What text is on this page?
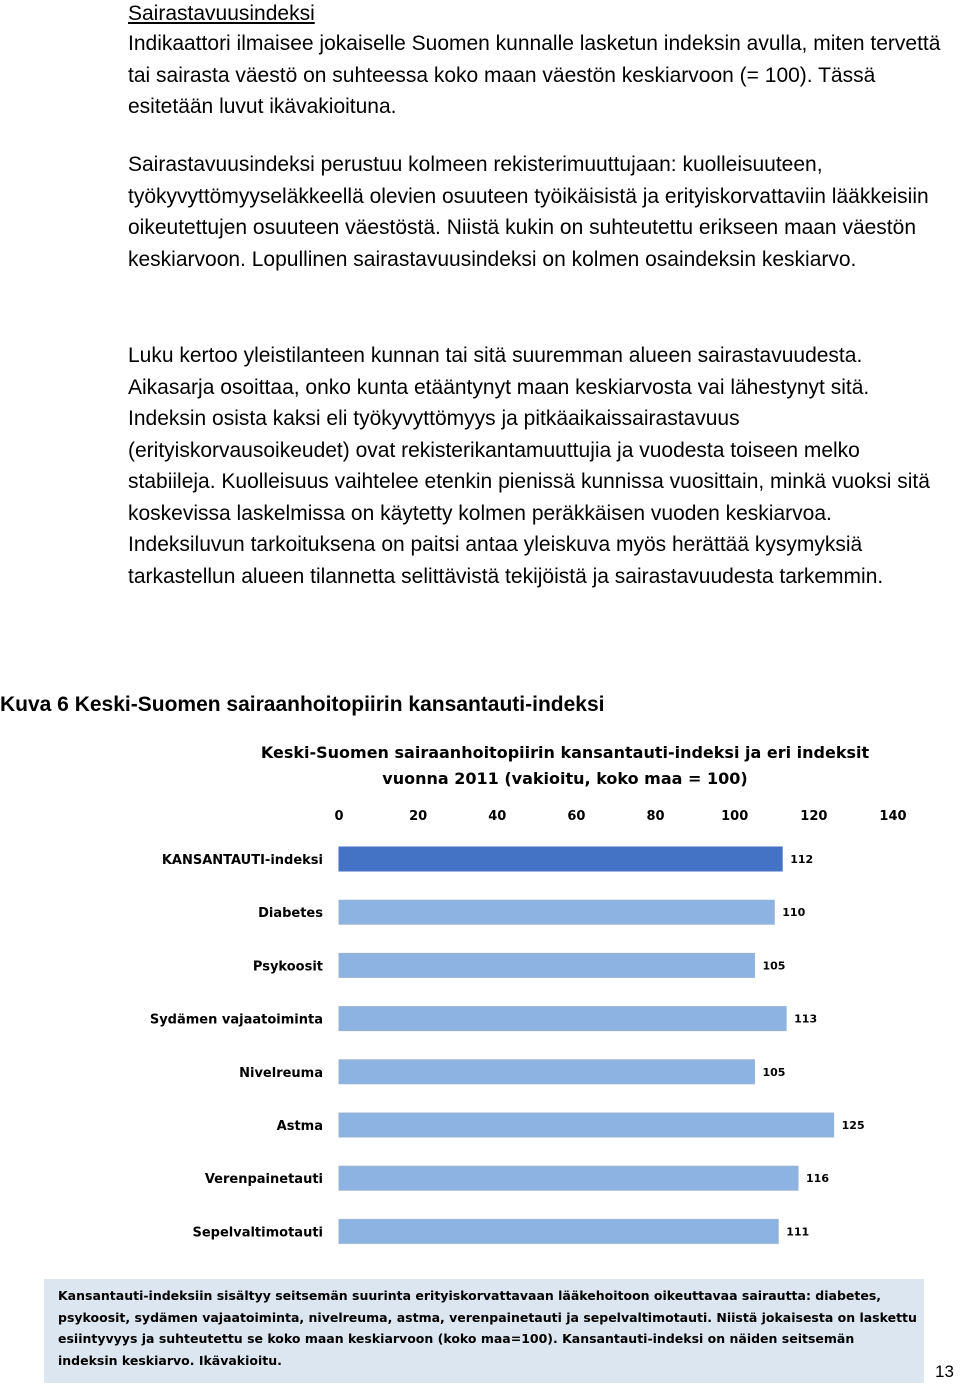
Sairastavuusindeksi

Indikaattori ilmaisee jokaiselle Suomen kunnalle lasketun indeksin avulla, miten tervettä tai sairasta väestö on suhteessa koko maan väestön keskiarvoon (= 100). Tässä esitetään luvut ikävakioituna.

Sairastavuusindeksi perustuu kolmeen rekisterimuuttujaan: kuolleisuuteen, työkyvyttömyyseläkkeellä olevien osuuteen työikäisistä ja erityiskorvattaviin lääkkeisiin oikeutettujen osuuteen väestöstä. Niistä kukin on suhteutettu erikseen maan väestön keskiarvoon. Lopullinen sairastavuusindeksi on kolmen osaindeksin keskiarvo.

Luku kertoo yleistilanteen kunnan tai sitä suuremman alueen sairastavuudesta. Aikasarja osoittaa, onko kunta etääntynyt maan keskiarvosta vai lähestynyt sitä. Indeksin osista kaksi eli työkyvyttömyys ja pitkäaikaissairastavuus (erityiskorvausoikeudet) ovat rekisterikantamuuttujia ja vuodesta toiseen melko stabiileja. Kuolleisuus vaihtelee etenkin pienissä kunnissa vuosittain, minkä vuoksi sitä koskevissa laskelmissa on käytetty kolmen peräkkäisen vuoden keskiarvoa. Indeksiluvun tarkoituksena on paitsi antaa yleiskuva myös herättää kysymyksiä tarkastellun alueen tilannetta selittävistä tekijöistä ja sairastavuudesta tarkemmin.

Kuva 6 Keski-Suomen sairaanhoitopiirin kansantauti-indeksi
Keski-Suomen sairaanhoitopiirin kansantauti-indeksi ja eri indeksit
vuonna 2011 (vakioitu, koko maa = 100)
0	20	40	60	80	100	120	140
KANSANTAUTI-indeksi	112
Diabetes	110
Psykoosit	105
Sydämen vajaatoiminta	113
Nivelreuma	105
Astma	125
Verenpainetauti	116
Sepelvaltimotauti	111
Kansantauti-indeksiin sisältyy seitsemän suurinta erityiskorvattavaan lääkehoitoon oikeuttavaa sairautta: diabetes, psykoosit, sydämen vajaatoiminta, nivelreuma, astma, verenpainetauti ja sepelvaltimotauti. Niistä jokaisesta on laskettu esiintyvyys ja suhteutettu se koko maan keskiarvoon (koko maa=100). Kansantauti-indeksi on näiden seitsemän indeksin keskiarvo. Ikävakioitu.
13
